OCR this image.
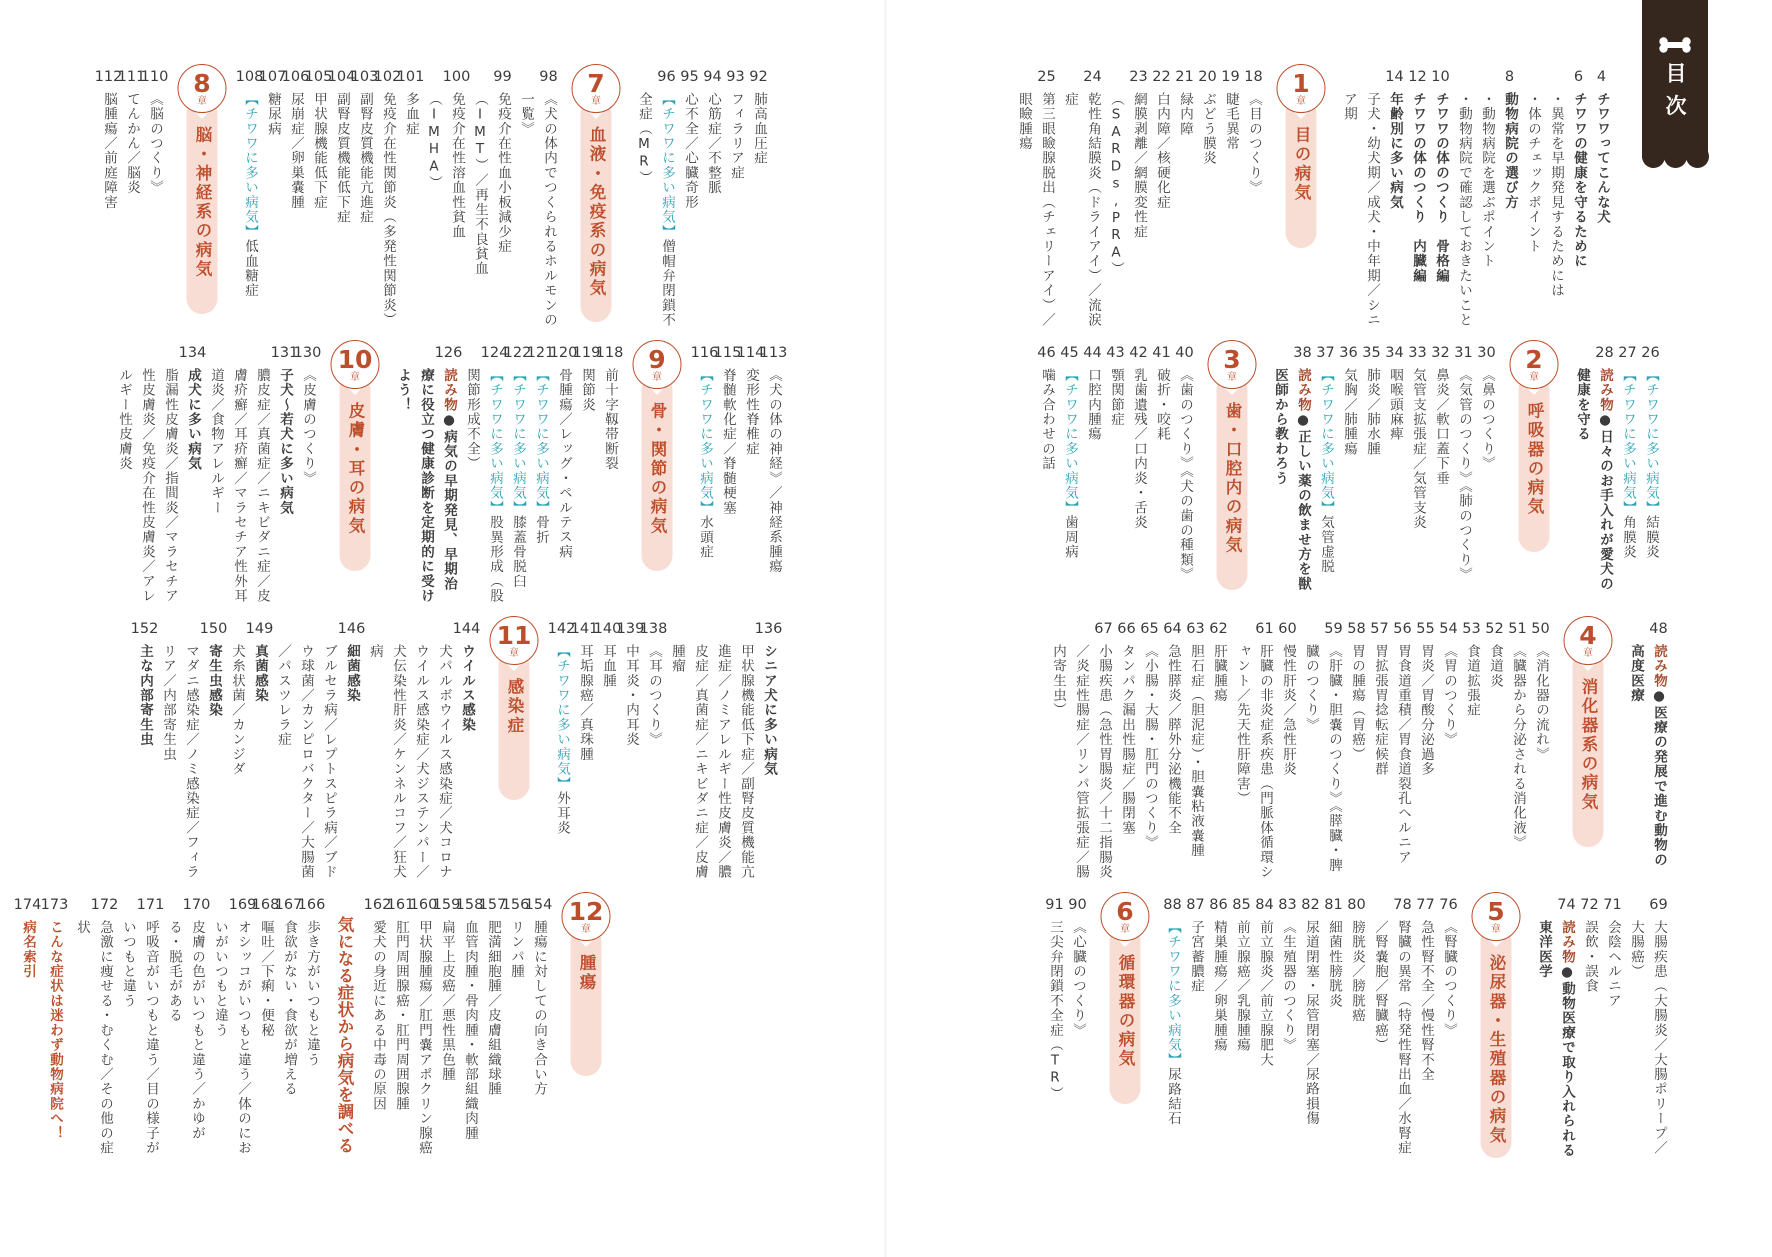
目次
4
チワワってこんな犬
6
チワワの健康を守るために
・異常を早期発見するためには
・体のチェックポイント
8
動物病院の選び方
・動物病院を選ぶポイント
・動物病院で確認しておきたいこと
10
チワワの体のつくり　骨格編
12
チワワの体のつくり　内臓編
14
年齢別に多い病気
子犬・幼犬期／成犬・中年期／シニア期
1
章
目の病気
18
《目のつくり》
19
睫毛異常
20
ぶどう膜炎
21
緑内障
22
白内障／核硬化症
23
網膜剥離／網膜変性症（SARDs,PRA）
24
乾性角結膜炎（ドライアイ）／流涙症
25
第三眼瞼腺脱出（チェリーアイ）／眼瞼腫瘍
26
【チワワに多い病気】結膜炎
27
【チワワに多い病気】角膜炎
28
読み物●日々のお手入れが愛犬の健康を守る
2
章
呼吸器の病気
30
《鼻のつくり》
31
《気管のつくり》《肺のつくり》
32
鼻炎／軟口蓋下垂
33
気管支拡張症／気管支炎
34
咽喉頭麻痺
35
肺炎／肺水腫
36
気胸／肺腫瘍
37
【チワワに多い病気】気管虚脱
38
読み物●正しい薬の飲ませ方を獣医師から教わろう
3
章
歯・口腔内の病気
40
《歯のつくり》《犬の歯の種類》
41
破折・咬耗
42
乳歯遺残／口内炎・舌炎
43
顎関節症
44
口腔内腫瘍
45
【チワワに多い病気】歯周病
46
噛み合わせの話
48
読み物●医療の発展で進む動物の高度医療
4
章
消化器系の病気
50
《消化器の流れ》
51
《臓器から分泌される消化液》
52
食道炎
53
食道拡張症
54
《胃のつくり》
55
胃炎／胃酸分泌過多
56
胃食道重積／胃食道裂孔ヘルニア
57
胃拡張胃捻転症候群
58
胃の腫瘍（胃癌）
59
《肝臓・胆嚢のつくり》《膵臓・脾臓のつくり》
60
慢性肝炎／急性肝炎
61
肝臓の非炎症系疾患（門脈体循環シャント／先天性肝障害）
62
肝臓腫瘍
63
胆石症（胆泥症）・胆嚢粘液嚢腫
64
急性膵炎／膵外分泌機能不全
65
《小腸・大腸・肛門のつくり》
66
タンパク漏出性腸症／腸閉塞
67
小腸疾患（急性胃腸炎／十二指腸炎／炎症性腸症／リンパ管拡張症／腸内寄生虫）
69
大腸疾患（大腸炎／大腸ポリープ／大腸癌）
71
会陰ヘルニア
72
誤飲・誤食
74
読み物●動物医療で取り入れられる東洋医学
5
章
泌尿器・生殖器の病気
76
《腎臓のつくり》
77
急性腎不全／慢性腎不全
78
腎臓の異常（特発性腎出血／水腎症／腎嚢胞／腎臓癌）
80
膀胱炎／膀胱癌
81
細菌性膀胱炎
82
尿道閉塞・尿管閉塞／尿路損傷
83
《生殖器のつくり》
84
前立腺炎／前立腺肥大
85
前立腺癌／乳腺腫瘍
86
精巣腫瘍／卵巣腫瘍
87
子宮蓄膿症
88
【チワワに多い病気】尿路結石
6
章
循環器の病気
90
《心臓のつくり》
91
三尖弁閉鎖不全症（TR）
92
肺高血圧症
93
フィラリア症
94
心筋症／不整脈
95
心不全／心臓奇形
96
【チワワに多い病気】僧帽弁閉鎖不全症（MR）
7
章
血液・免疫系の病気
98
《犬の体内でつくられるホルモンの一覧》
99
免疫介在性血小板減少症（IMT）／再生不良貧血
100
免疫介在性溶血性貧血（IMHA）
101
多血症
102
免疫介在性関節炎（多発性関節炎）
103
副腎皮質機能亢進症
104
副腎皮質機能低下症
105
甲状腺機能低下症
106
尿崩症／卵巣嚢腫
107
糖尿病
108
【チワワに多い病気】低血糖症
8
章
脳・神経系の病気
110
《脳のつくり》
111
てんかん／脳炎
112
脳腫瘍／前庭障害
113
《犬の体の神経》／神経系腫瘍
114
変形性脊椎症
115
脊髄軟化症／脊髄梗塞
116
【チワワに多い病気】水頭症
9
章
骨・関節の病気
118
前十字靱帯断裂
119
関節炎
120
骨腫瘍／レッグ・ペルテス病
121
【チワワに多い病気】骨折
122
【チワワに多い病気】膝蓋骨脱臼
124
【チワワに多い病気】股異形成（股関節形成不全）
126
読み物●病気の早期発見、早期治療に役立つ健康診断を定期的に受けよう！
10
章
皮膚・耳の病気
130
《皮膚のつくり》
131
子犬〜若犬に多い病気
膿皮症／真菌症／ニキビダニ症／皮膚疥癬／耳疥癬／マラセチア性外耳道炎／食物アレルギー
134
成犬に多い病気
脂漏性皮膚炎／指間炎／マラセチア性皮膚炎／免疫介在性皮膚炎／アレルギー性皮膚炎
136
シニア犬に多い病気
甲状腺機能低下症／副腎皮質機能亢進症／ノミアレルギー性皮膚炎／膿皮症／真菌症／ニキビダニ症／皮膚腫瘤
138
《耳のつくり》
139
中耳炎・内耳炎
140
耳血腫
141
耳垢腺癌／真珠腫
142
【チワワに多い病気】外耳炎
11
章
感染症
144
ウイルス感染
犬パルボウイルス感染症／犬コロナウイルス感染症／犬ジステンパー／犬伝染性肝炎／ケンネルコフ／狂犬病
146
細菌感染
ブルセラ病／レプトスピラ病／ブドウ球菌／カンピロバクター／大腸菌／パスツレラ症
149
真菌感染
犬糸状菌／カンジダ
150
寄生虫感染
マダニ感染症／ノミ感染症／フィラリア／内部寄生虫
152
主な内部寄生虫
12
章
腫瘍
154
腫瘍に対しての向き合い方
156
リンパ腫
157
肥満細胞腫／皮膚組織球腫
158
血管肉腫・骨肉腫・軟部組織肉腫
159
扁平上皮癌／悪性黒色腫
160
甲状腺腫瘍／肛門嚢アポクリン腺癌
161
肛門周囲腺癌・肛門周囲腺腫
162
愛犬の身近にある中毒の原因
気になる症状から病気を調べる
166
歩き方がいつもと違う
167
食欲がない・食欲が増える
168
嘔吐／下痢・便秘
169
オシッコがいつもと違う／体のにおいがいつもと違う
170
皮膚の色がいつもと違う／かゆがる・脱毛がある
171
呼吸音がいつもと違う／目の様子がいつもと違う
172
急激に痩せる・むくむ／その他の症状
173
こんな症状は迷わず動物病院へ！
174
病名索引
